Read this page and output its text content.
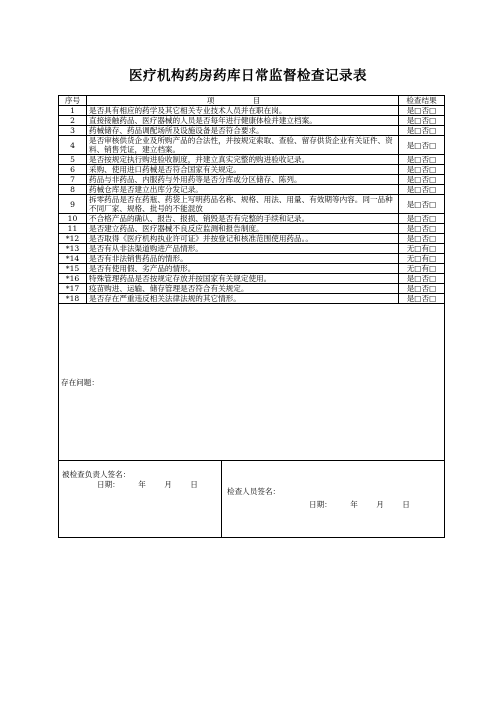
医疗机构药房药库日常监督检查记录表
序号	项 目	检查结果
1	是否具有相应的药学及其它相关专业技术人员并在职在岗。	是□否□
2	直接接触药品、医疗器械的人员是否每年进行健康体检并建立档案。	是□否□
3	药械储存、药品调配场所及设施设备是否符合要求。	是□否□
4	是否审核供货企业及所购产品的合法性，并按规定索取、查验、留存供货企业有关证件、资料、销售凭证，建立档案。	是□否□
5	是否按规定执行购进验收制度，并建立真实完整的购进验收记录。	是□否□
6	采购、使用进口药械是否符合国家有关规定。	是□否□
7	药品与非药品、内服药与外用药等是否分库或分区储存、陈列。	是□否□
8	药械仓库是否建立出库分发记录。	是□否□
9	拆零药品是否在药瓶、药袋上写明药品名称、规格、用法、用量、有效期等内容。同一品种不同厂家、规格、批号的不能混放	是□否□
10	不合格产品的确认、报告、报损、销毁是否有完整的手续和记录。	是□否□
11	是否建立药品、医疗器械不良反应监测和报告制度。	是□否□
*12	是否取得《医疗机构执业许可证》并按登记和核准范围使用药品。。	是□否□
*13	是否有从非法渠道购进产品情形。	无□有□
*14	是否有非法销售药品的情形。	无□有□
*15	是否有使用假、劣产品的情形。	无□有□
*16	特殊管理药品是否按规定存放并按国家有关规定使用。	是□否□
*17	疫苗购进、运输、储存管理是否符合有关规定。	是□否□
*18	是否存在严重违反相关法律法规的其它情形。	是□否□
存在问题：		

被检查负责人签名：
日期： 年 月 日
检查人员签名：
日期： 年 月 日		
